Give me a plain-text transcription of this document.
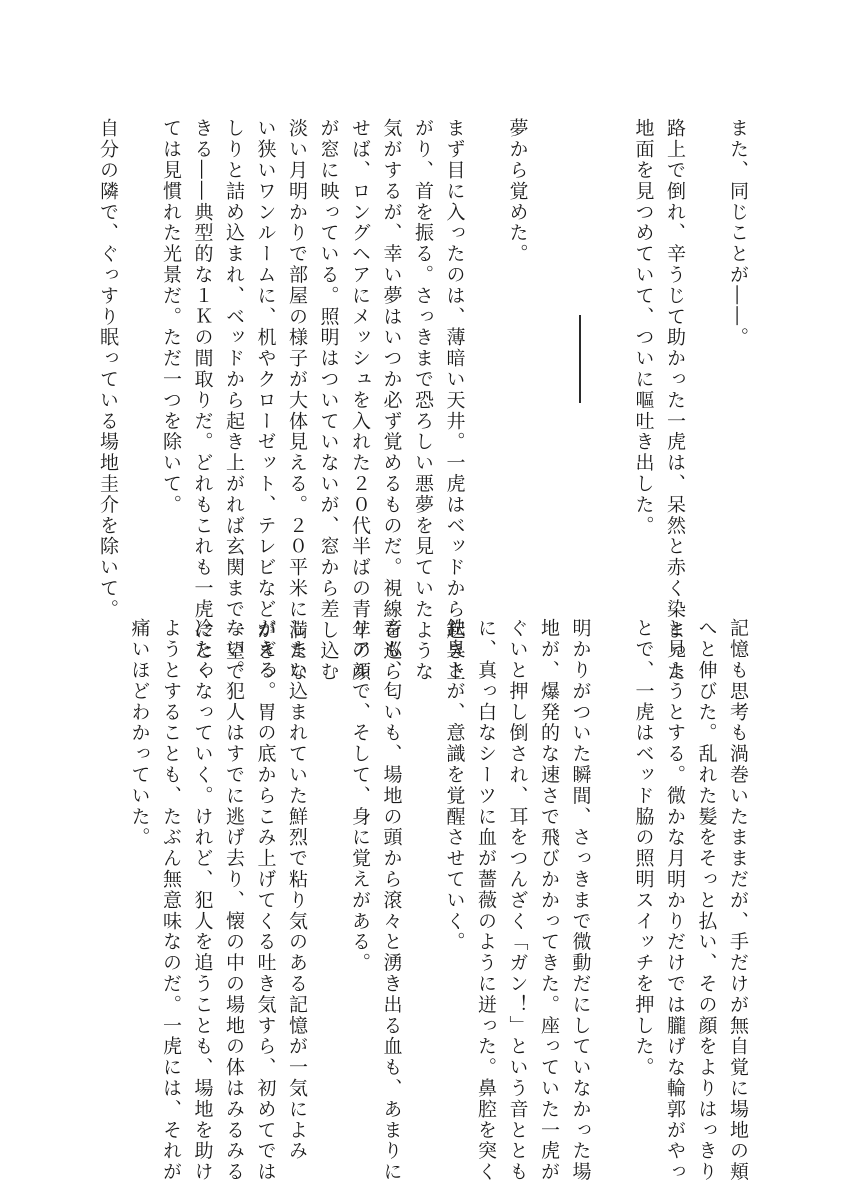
また、同じことが――。

路上で倒れ、辛うじて助かった一虎は、呆然と赤く染まった

地面を見つめていて、ついに嘔吐き出した。

夢から覚めた。

まず目に入ったのは、薄暗い天井。一虎はベッドから起き上

がり、首を振る。さっきまで恐ろしい悪夢を見ていたような

気がするが、幸い夢はいつか必ず覚めるものだ。視線を巡ら

せば、ロングヘアにメッシュを入れた２０代半ばの青年の顔

が窓に映っている。照明はついていないが、窓から差し込む

淡い月明かりで部屋の様子が大体見える。２０平米に満たな

い狭いワンルームに、机やクローゼット、テレビなどがぎっ

しりと詰め込まれ、ベッドから起き上がれば玄関まで一望で

きる――典型的な１Ｋの間取りだ。どれもこれも一虎にとっ

ては見慣れた光景だ。ただ一つを除いて。

自分の隣で、ぐっすり眠っている場地圭介を除いて。

記憶も思考も渦巻いたままだが、手だけが無自覚に場地の頬

へと伸びた。乱れた髪をそっと払い、その顔をよりはっきり

と見ようとする。微かな月明かりだけでは朧げな輪郭がやっ

とで、一虎はベッド脇の照明スイッチを押した。

明かりがついた瞬間、さっきまで微動だにしていなかった場

地が、爆発的な速さで飛びかかってきた。座っていた一虎が

ぐいと押し倒され、耳をつんざく「ガン！」という音ととも

に、真っ白なシーツに血が薔薇のように迸った。鼻腔を突く

鉄臭さが、意識を覚醒させていく。

音も、匂いも、場地の頭から滾々と湧き出る血も、あまりに

リアルで、そして、身に覚えがある。

しまい込まれていた鮮烈で粘り気のある記憶が一気によみ

がえる。胃の底からこみ上げてくる吐き気すら、初めてでは

ない。犯人はすでに逃げ去り、懐の中の場地の体はみるみる

冷たくなっていく。けれど、犯人を追うことも、場地を助け

ようとすることも、たぶん無意味なのだ。一虎には、それが

痛いほどわかっていた。
